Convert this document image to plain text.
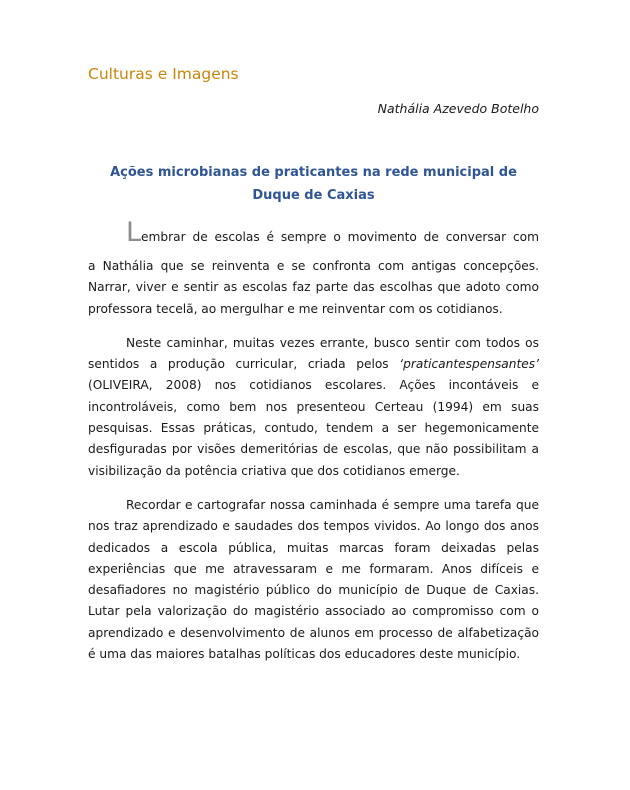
Culturas e Imagens
Nathália Azevedo Botelho
Ações microbianas de praticantes na rede municipal de
Duque de Caxias

Lembrar de escolas é sempre o movimento de conversar com
a Nathália que se reinventa e se confronta com antigas concepções. Narrar, viver e sentir as escolas faz parte das escolhas que adoto como professora tecelã, ao mergulhar e me reinventar com os cotidianos.

Neste caminhar, muitas vezes errante, busco sentir com todos os sentidos a produção curricular, criada pelos ‘praticantespensantes’ (OLIVEIRA, 2008) nos cotidianos escolares. Ações incontáveis e incontroláveis, como bem nos presenteou Certeau (1994) em suas pesquisas. Essas práticas, contudo, tendem a ser hegemonicamente desfiguradas por visões demeritórias de escolas, que não possibilitam a visibilização da potência criativa que dos cotidianos emerge.

Recordar e cartografar nossa caminhada é sempre uma tarefa que nos traz aprendizado e saudades dos tempos vividos. Ao longo dos anos dedicados a escola pública, muitas marcas foram deixadas pelas experiências que me atravessaram e me formaram. Anos difíceis e desafiadores no magistério público do município de Duque de Caxias. Lutar pela valorização do magistério associado ao compromisso com o aprendizado e desenvolvimento de alunos em processo de alfabetização é uma das maiores batalhas políticas dos educadores deste município.
